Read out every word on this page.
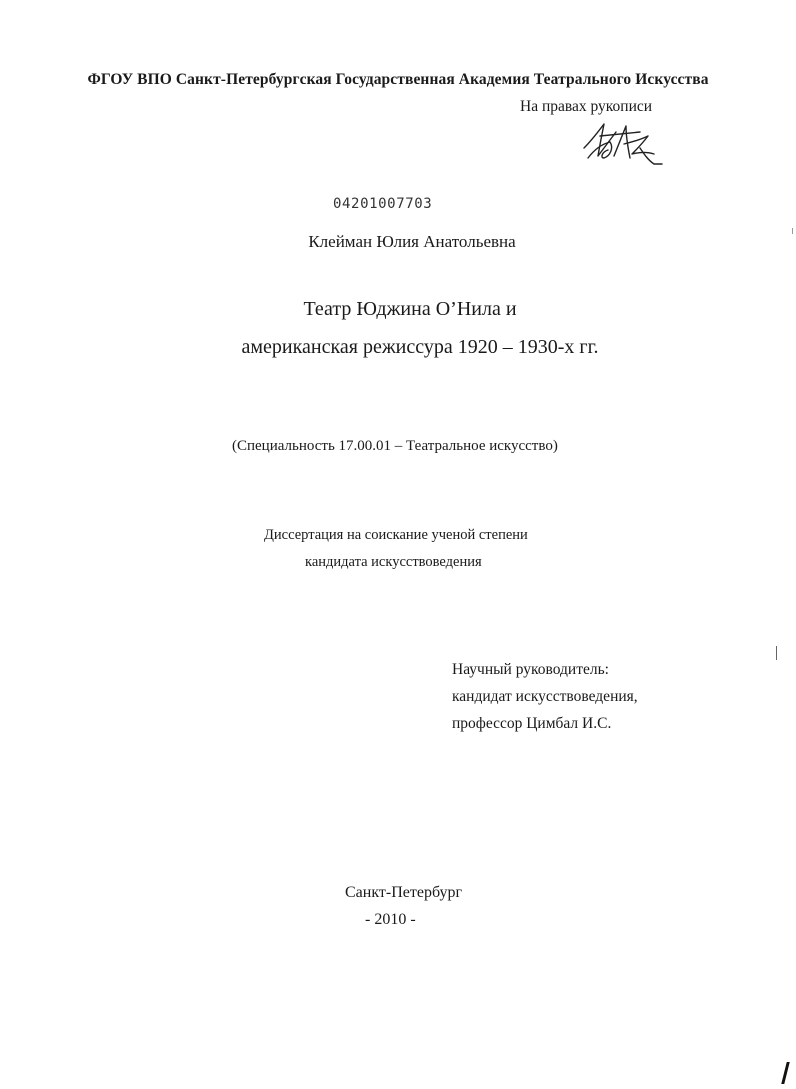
ФГОУ ВПО Санкт-Петербургская Государственная Академия Театрального Искусства
На правах рукописи
04201007703
Клейман Юлия Анатольевна
Театр Юджина О’Нила и
американская режиссура 1920 – 1930-х гг.
(Специальность 17.00.01 – Театральное искусство)
Диссертация на соискание ученой степени
кандидата искусствоведения
Научный руководитель:
кандидат искусствоведения,
профессор Цимбал И.С.
Санкт-Петербург
- 2010 -
